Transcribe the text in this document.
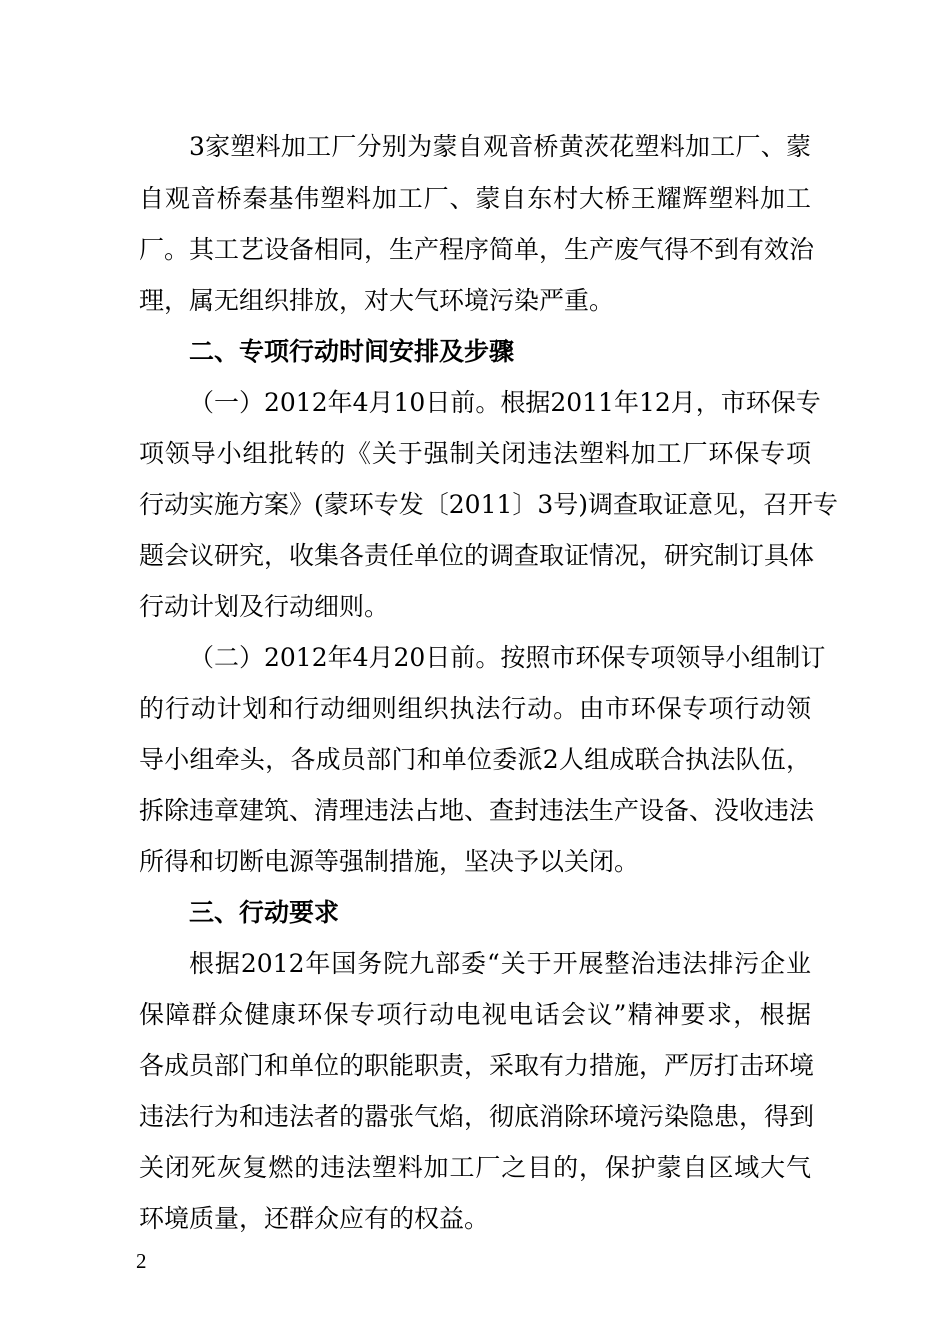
3家塑料加工厂分别为蒙自观音桥黄茨花塑料加工厂、蒙
自观音桥秦基伟塑料加工厂、蒙自东村大桥王耀辉塑料加工
厂。其工艺设备相同，生产程序简单，生产废气得不到有效治
理，属无组织排放，对大气环境污染严重。
二、专项行动时间安排及步骤
（一）2012年4月10日前。根据2011年12月，市环保专
项领导小组批转的《关于强制关闭违法塑料加工厂环保专项
行动实施方案》(蒙环专发〔2011〕3号)调查取证意见，召开专
题会议研究，收集各责任单位的调查取证情况，研究制订具体
行动计划及行动细则。
（二）2012年4月20日前。按照市环保专项领导小组制订
的行动计划和行动细则组织执法行动。由市环保专项行动领
导小组牵头，各成员部门和单位委派2人组成联合执法队伍，
拆除违章建筑、清理违法占地、查封违法生产设备、没收违法
所得和切断电源等强制措施，坚决予以关闭。
三、行动要求
根据2012年国务院九部委“关于开展整治违法排污企业
保障群众健康环保专项行动电视电话会议”精神要求，根据
各成员部门和单位的职能职责，采取有力措施，严厉打击环境
违法行为和违法者的嚣张气焰，彻底消除环境污染隐患，得到
关闭死灰复燃的违法塑料加工厂之目的，保护蒙自区域大气
环境质量，还群众应有的权益。
2
